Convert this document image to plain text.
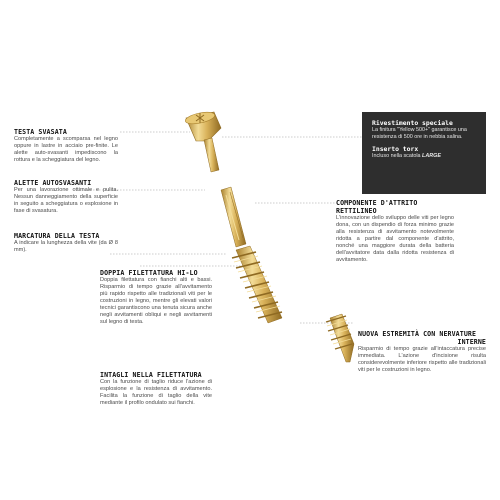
TESTA SVASATA
Completamente a scomparsa nel legno oppure in lastre in acciaio pre-finite. Le alette auto-svasanti impediscono la rottura e la scheggiatura del legno.
ALETTE AUTOSVASANTI
Per una lavorazione ottimale e pulita. Nessun danneggiamento della superficie in seguito a scheggiatura o esplosione in fase di svasatura.
MARCATURA DELLA TESTA
A indicare la lunghezza della vite (da Ø 8 mm).
DOPPIA FILETTATURA HI-LO
Doppia filettatura con fianchi alti e bassi. Risparmio di tempo grazie all'avvitamento più rapido rispetto alle tradizionali viti per le costruzioni in legno, mentre gli elevati valori tecnici garantiscono una tenuta sicura anche negli avvitamenti obliqui e negli avvitamenti sul legno di testa.
INTAGLI NELLA FILETTATURA
Con la funzione di taglio riduce l'azione di esplosione e la resistenza di avvitamento. Facilita la funzione di taglio della vite mediante il profilo ondulato sui fianchi.
COMPONENTE D'ATTRITO RETTILINEO
L'innovazione dello sviluppo delle viti per legno dona, con un dispendio di forza minimo grazie alla resistenza di avvitamento notevolmente ridotta a partire dal componente d'attrito, nonché una maggiore durata della batteria dell'avvitatore data dalla ridotta resistenza di avvitamento.
NUOVA ESTREMITÀ CON NERVATURE
INTERNE
Risparmio di tempo grazie all'intaccatura precise immediata. L'azione d'incisione risulta considerevolmente inferiore rispetto alle tradizionali viti per le costruzioni in legno.
Rivestimento speciale
La finitura "Yellow 500+" garantisce una resistenza di 500 ore in nebbia salina.
Inserto torx
Incluso nella scatola LARGE
